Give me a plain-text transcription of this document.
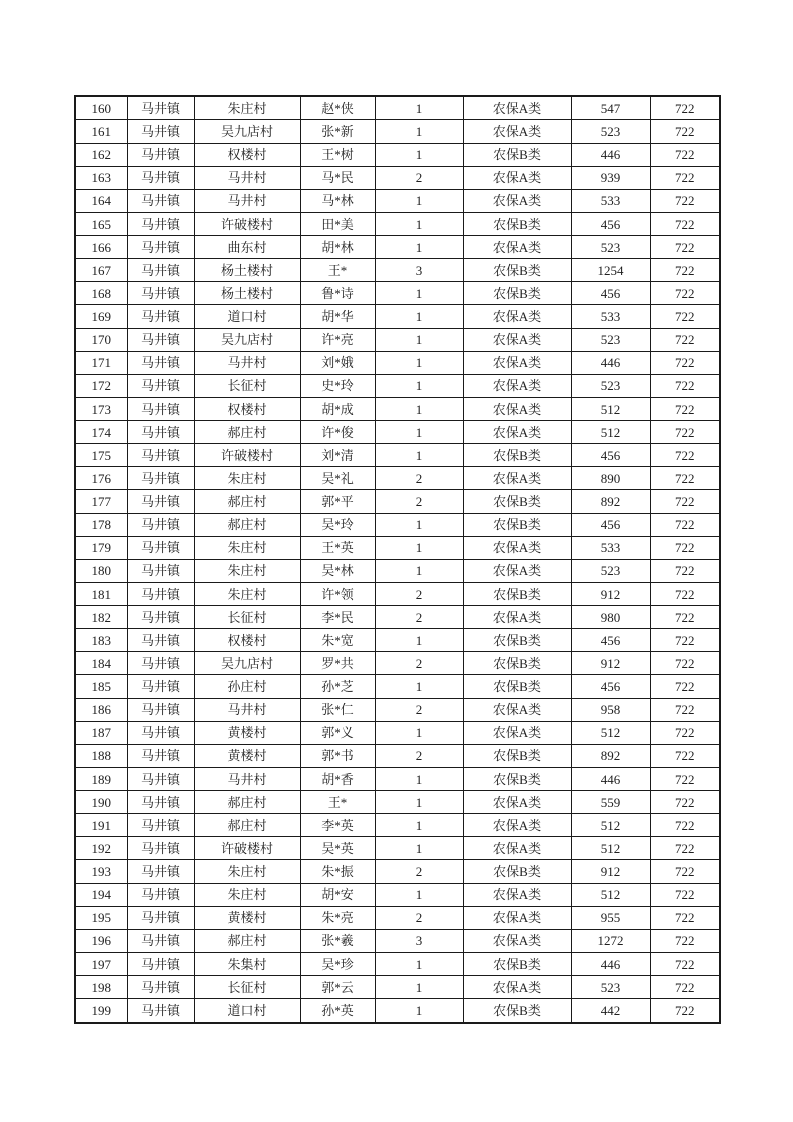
160	马井镇	朱庄村	赵*侠	1	农保A类	547	722
161	马井镇	吴九店村	张*新	1	农保A类	523	722
162	马井镇	权楼村	王*树	1	农保B类	446	722
163	马井镇	马井村	马*民	2	农保A类	939	722
164	马井镇	马井村	马*林	1	农保A类	533	722
165	马井镇	许破楼村	田*美	1	农保B类	456	722
166	马井镇	曲东村	胡*林	1	农保A类	523	722
167	马井镇	杨土楼村	王*	3	农保B类	1254	722
168	马井镇	杨土楼村	鲁*诗	1	农保B类	456	722
169	马井镇	道口村	胡*华	1	农保A类	533	722
170	马井镇	吴九店村	许*亮	1	农保A类	523	722
171	马井镇	马井村	刘*娥	1	农保A类	446	722
172	马井镇	长征村	史*玲	1	农保A类	523	722
173	马井镇	权楼村	胡*成	1	农保A类	512	722
174	马井镇	郝庄村	许*俊	1	农保A类	512	722
175	马井镇	许破楼村	刘*清	1	农保B类	456	722
176	马井镇	朱庄村	吴*礼	2	农保A类	890	722
177	马井镇	郝庄村	郭*平	2	农保B类	892	722
178	马井镇	郝庄村	吴*玲	1	农保B类	456	722
179	马井镇	朱庄村	王*英	1	农保A类	533	722
180	马井镇	朱庄村	吴*林	1	农保A类	523	722
181	马井镇	朱庄村	许*领	2	农保B类	912	722
182	马井镇	长征村	李*民	2	农保A类	980	722
183	马井镇	权楼村	朱*宽	1	农保B类	456	722
184	马井镇	吴九店村	罗*共	2	农保B类	912	722
185	马井镇	孙庄村	孙*芝	1	农保B类	456	722
186	马井镇	马井村	张*仁	2	农保A类	958	722
187	马井镇	黄楼村	郭*义	1	农保A类	512	722
188	马井镇	黄楼村	郭*书	2	农保B类	892	722
189	马井镇	马井村	胡*香	1	农保B类	446	722
190	马井镇	郝庄村	王*	1	农保A类	559	722
191	马井镇	郝庄村	李*英	1	农保A类	512	722
192	马井镇	许破楼村	吴*英	1	农保A类	512	722
193	马井镇	朱庄村	朱*振	2	农保B类	912	722
194	马井镇	朱庄村	胡*安	1	农保A类	512	722
195	马井镇	黄楼村	朱*亮	2	农保A类	955	722
196	马井镇	郝庄村	张*羲	3	农保A类	1272	722
197	马井镇	朱集村	吴*珍	1	农保B类	446	722
198	马井镇	长征村	郭*云	1	农保A类	523	722
199	马井镇	道口村	孙*英	1	农保B类	442	722
